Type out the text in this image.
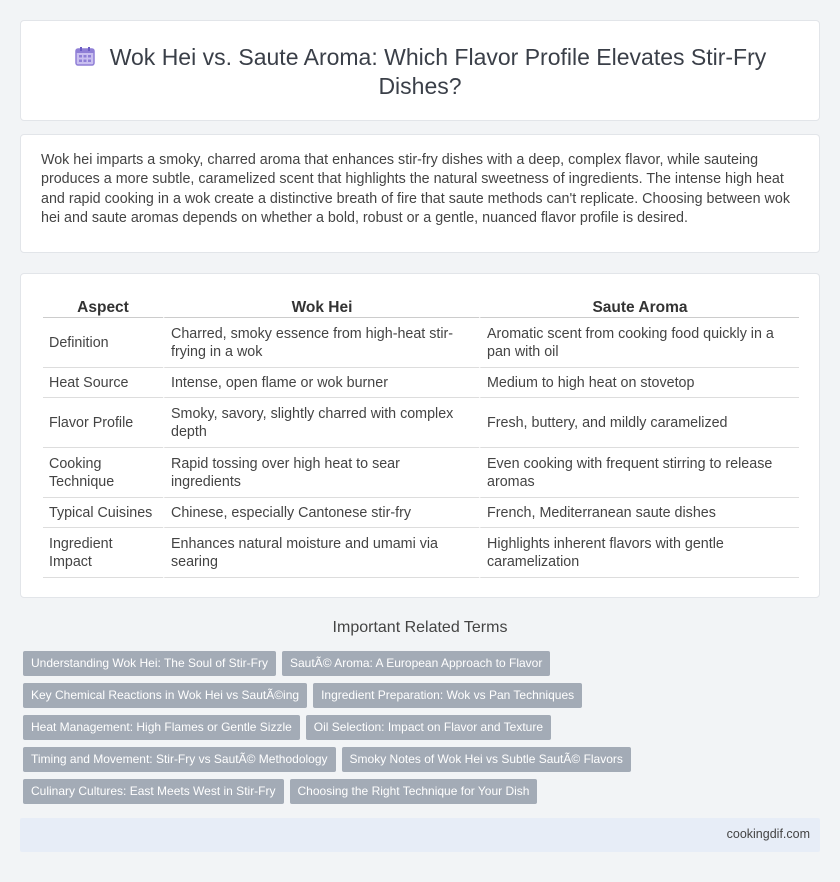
Wok Hei vs. Saute Aroma: Which Flavor Profile Elevates Stir-Fry Dishes?

Wok hei imparts a smoky, charred aroma that enhances stir-fry dishes with a deep, complex flavor, while sauteing produces a more subtle, caramelized scent that highlights the natural sweetness of ingredients. The intense high heat and rapid cooking in a wok create a distinctive breath of fire that saute methods can't replicate. Choosing between wok hei and saute aromas depends on whether a bold, robust or a gentle, nuanced flavor profile is desired.

Aspect	Wok Hei	Saute Aroma
Definition	Charred, smoky essence from high-heat stir-frying in a wok	Aromatic scent from cooking food quickly in a pan with oil
Heat Source	Intense, open flame or wok burner	Medium to high heat on stovetop
Flavor Profile	Smoky, savory, slightly charred with complex depth	Fresh, buttery, and mildly caramelized
Cooking Technique	Rapid tossing over high heat to sear ingredients	Even cooking with frequent stirring to release aromas
Typical Cuisines	Chinese, especially Cantonese stir-fry	French, Mediterranean saute dishes
Ingredient Impact	Enhances natural moisture and umami via searing	Highlights inherent flavors with gentle caramelization
Important Related Terms
Understanding Wok Hei: The Soul of Stir-Fry SautÃ© Aroma: A European Approach to Flavor
Key Chemical Reactions in Wok Hei vs SautÃ©ing Ingredient Preparation: Wok vs Pan Techniques
Heat Management: High Flames or Gentle Sizzle Oil Selection: Impact on Flavor and Texture
Timing and Movement: Stir-Fry vs SautÃ© Methodology Smoky Notes of Wok Hei vs Subtle SautÃ© Flavors
Culinary Cultures: East Meets West in Stir-Fry Choosing the Right Technique for Your Dish
cookingdif.com
